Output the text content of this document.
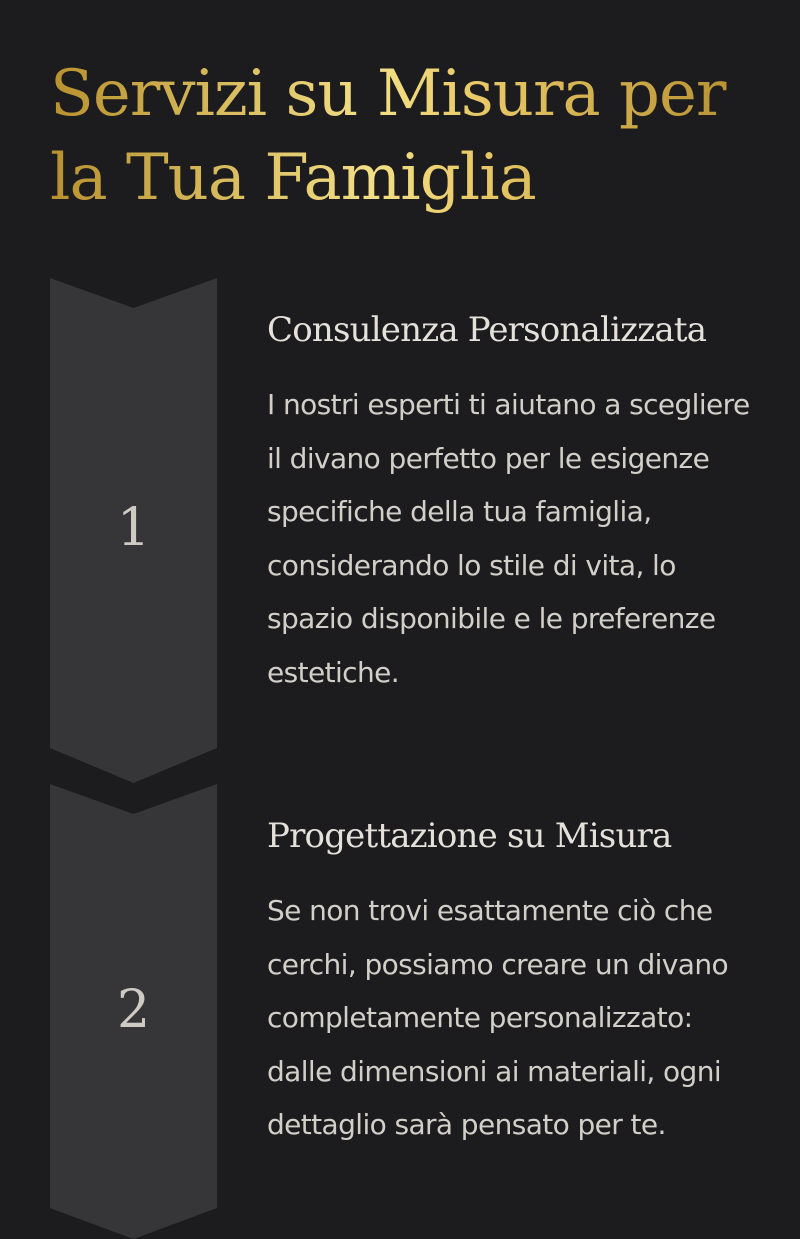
Servizi su Misura per la Tua Famiglia
1
Consulenza Personalizzata

I nostri esperti ti aiutano a scegliere il divano perfetto per le esigenze specifiche della tua famiglia, considerando lo stile di vita, lo spazio disponibile e le preferenze estetiche.

2
Progettazione su Misura

Se non trovi esattamente ciò che cerchi, possiamo creare un divano completamente personalizzato: dalle dimensioni ai materiali, ogni dettaglio sarà pensato per te.
